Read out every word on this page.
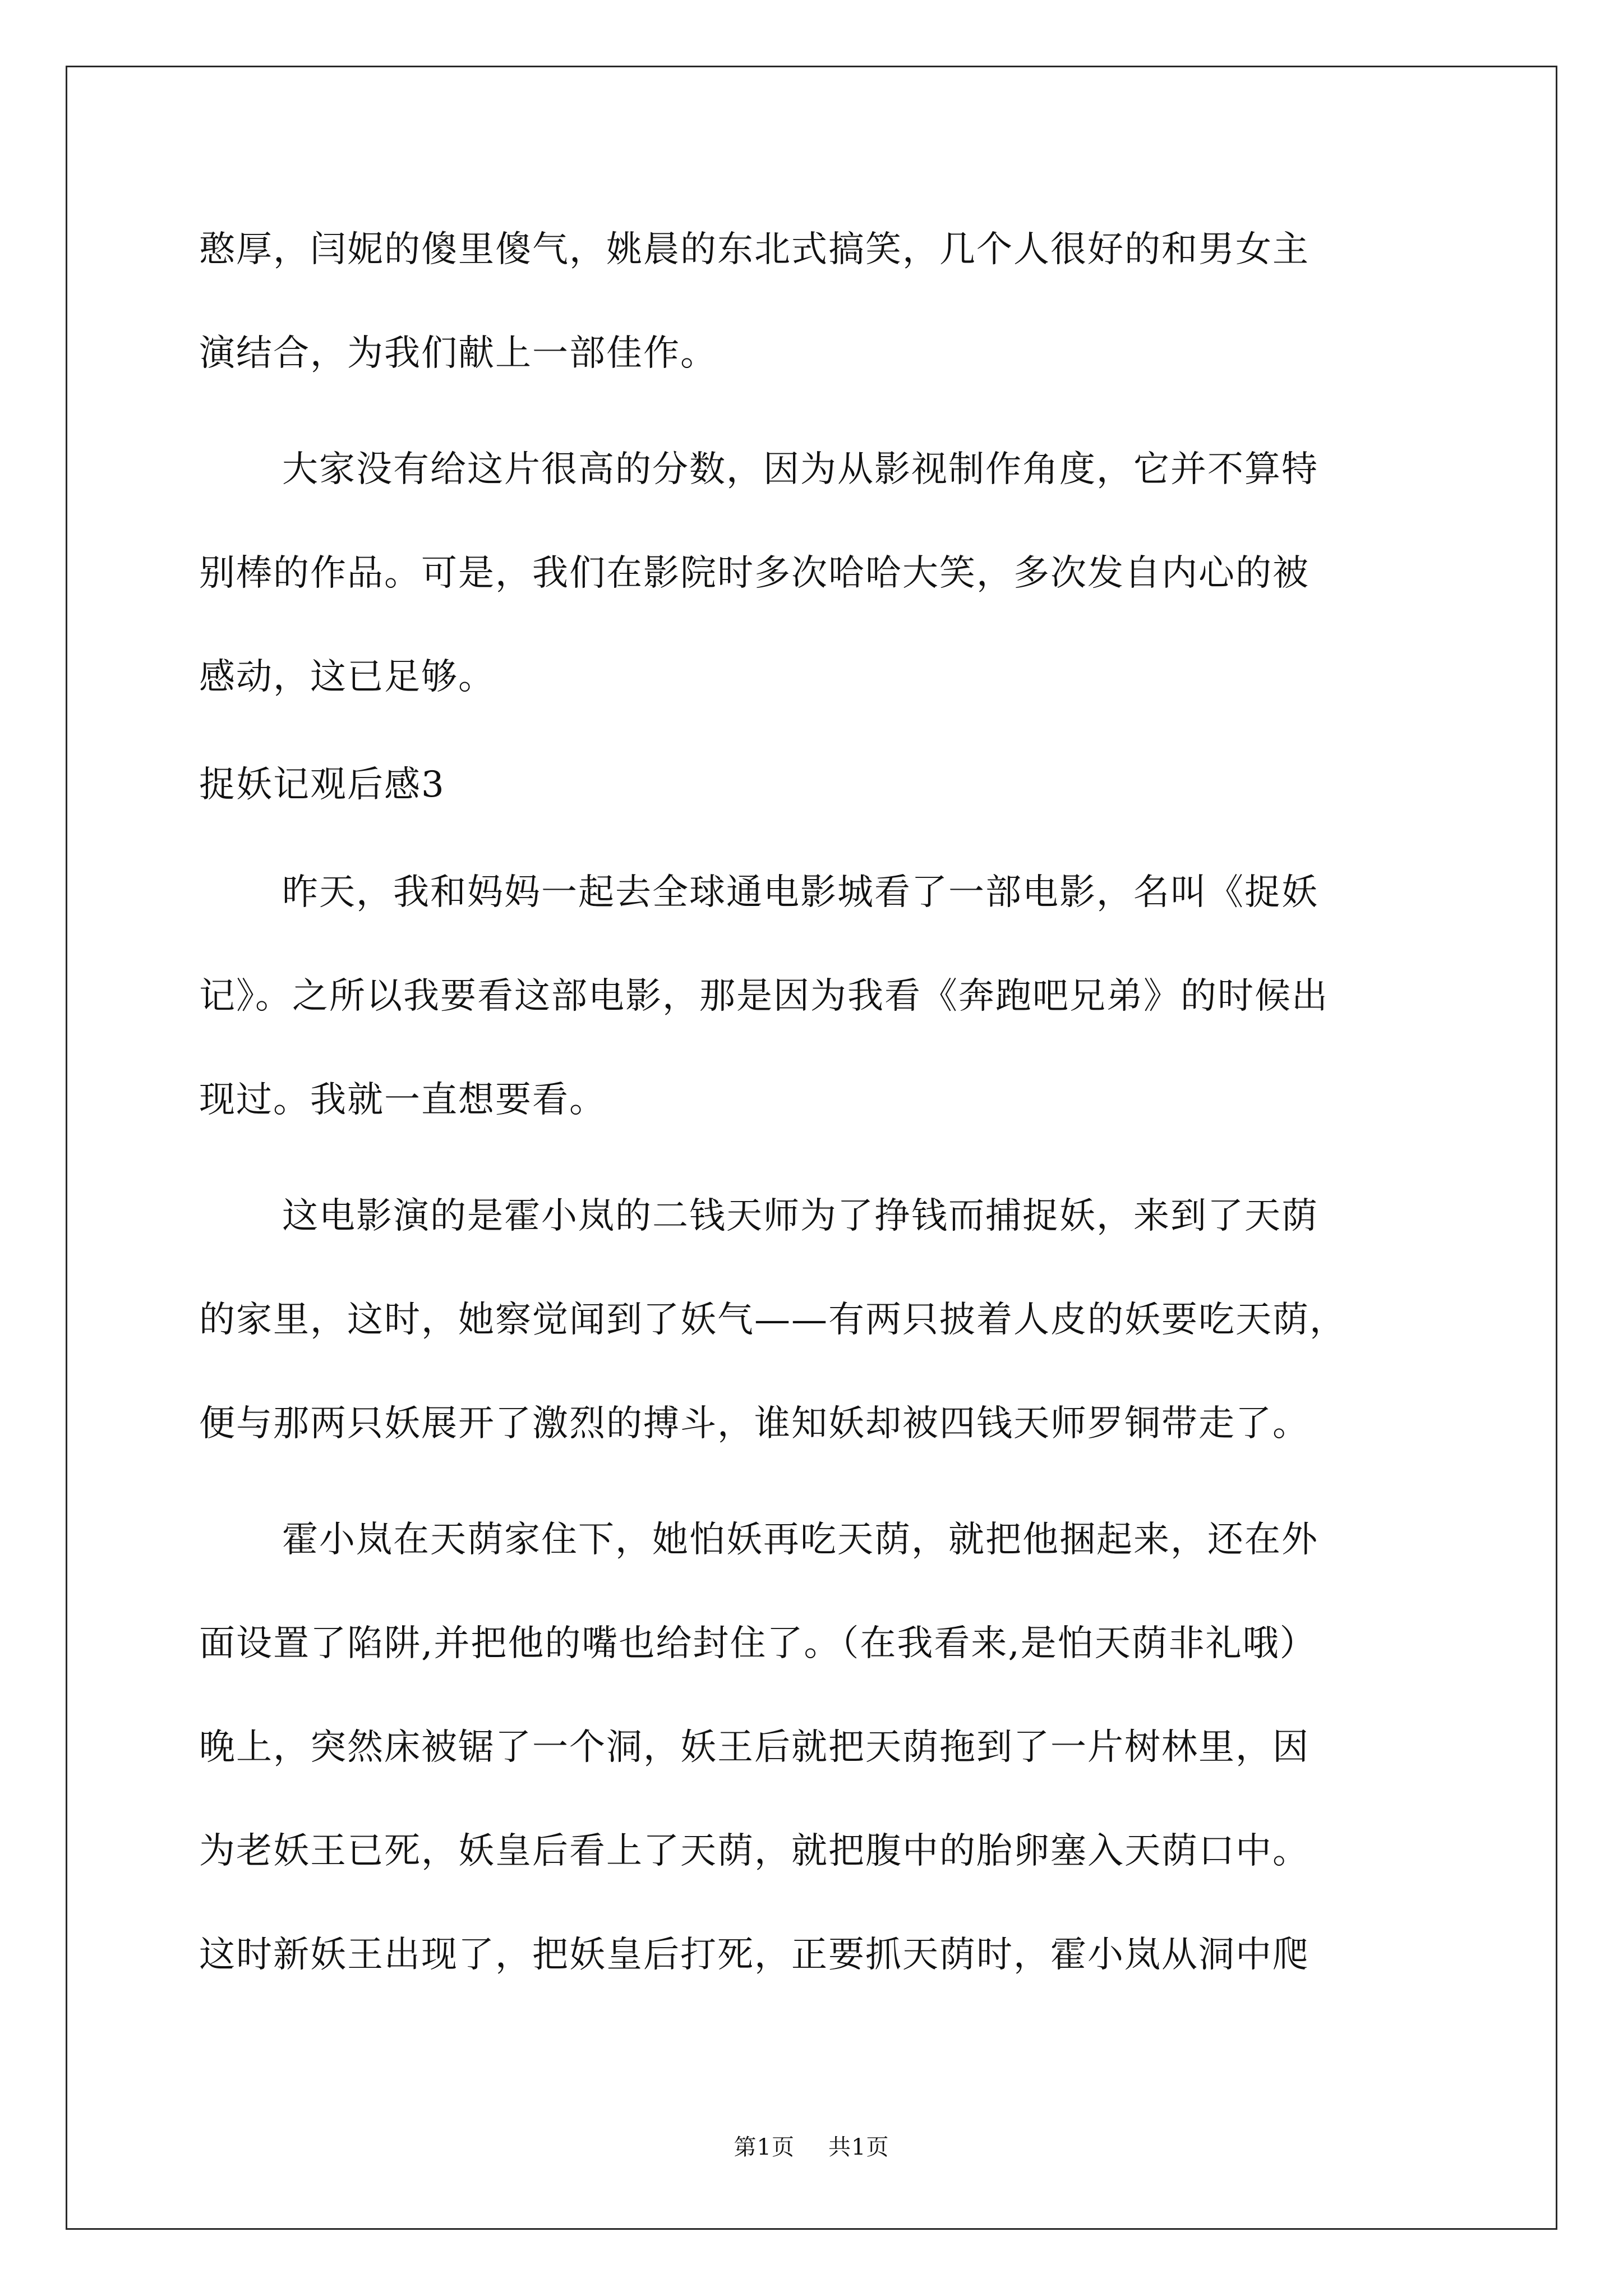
憨厚，闫妮的傻里傻气，姚晨的东北式搞笑，几个人很好的和男女主
演结合，为我们献上一部佳作。
大家没有给这片很高的分数，因为从影视制作角度，它并不算特
别棒的作品。可是，我们在影院时多次哈哈大笑，多次发自内心的被
感动，这已足够。
捉妖记观后感3
昨天，我和妈妈一起去全球通电影城看了一部电影，名叫《捉妖
记》。之所以我要看这部电影，那是因为我看《奔跑吧兄弟》的时候出
现过。我就一直想要看。
这电影演的是霍小岚的二钱天师为了挣钱而捕捉妖，来到了天荫
的家里，这时，她察觉闻到了妖气——有两只披着人皮的妖要吃天荫，
便与那两只妖展开了激烈的搏斗，谁知妖却被四钱天师罗铜带走了。
霍小岚在天荫家住下，她怕妖再吃天荫，就把他捆起来，还在外
面设置了陷阱,并把他的嘴也给封住了。（在我看来,是怕天荫非礼哦）
晚上，突然床被锯了一个洞，妖王后就把天荫拖到了一片树林里，因
为老妖王已死，妖皇后看上了天荫，就把腹中的胎卵塞入天荫口中。
这时新妖王出现了，把妖皇后打死，正要抓天荫时，霍小岚从洞中爬
第1页 共1页
